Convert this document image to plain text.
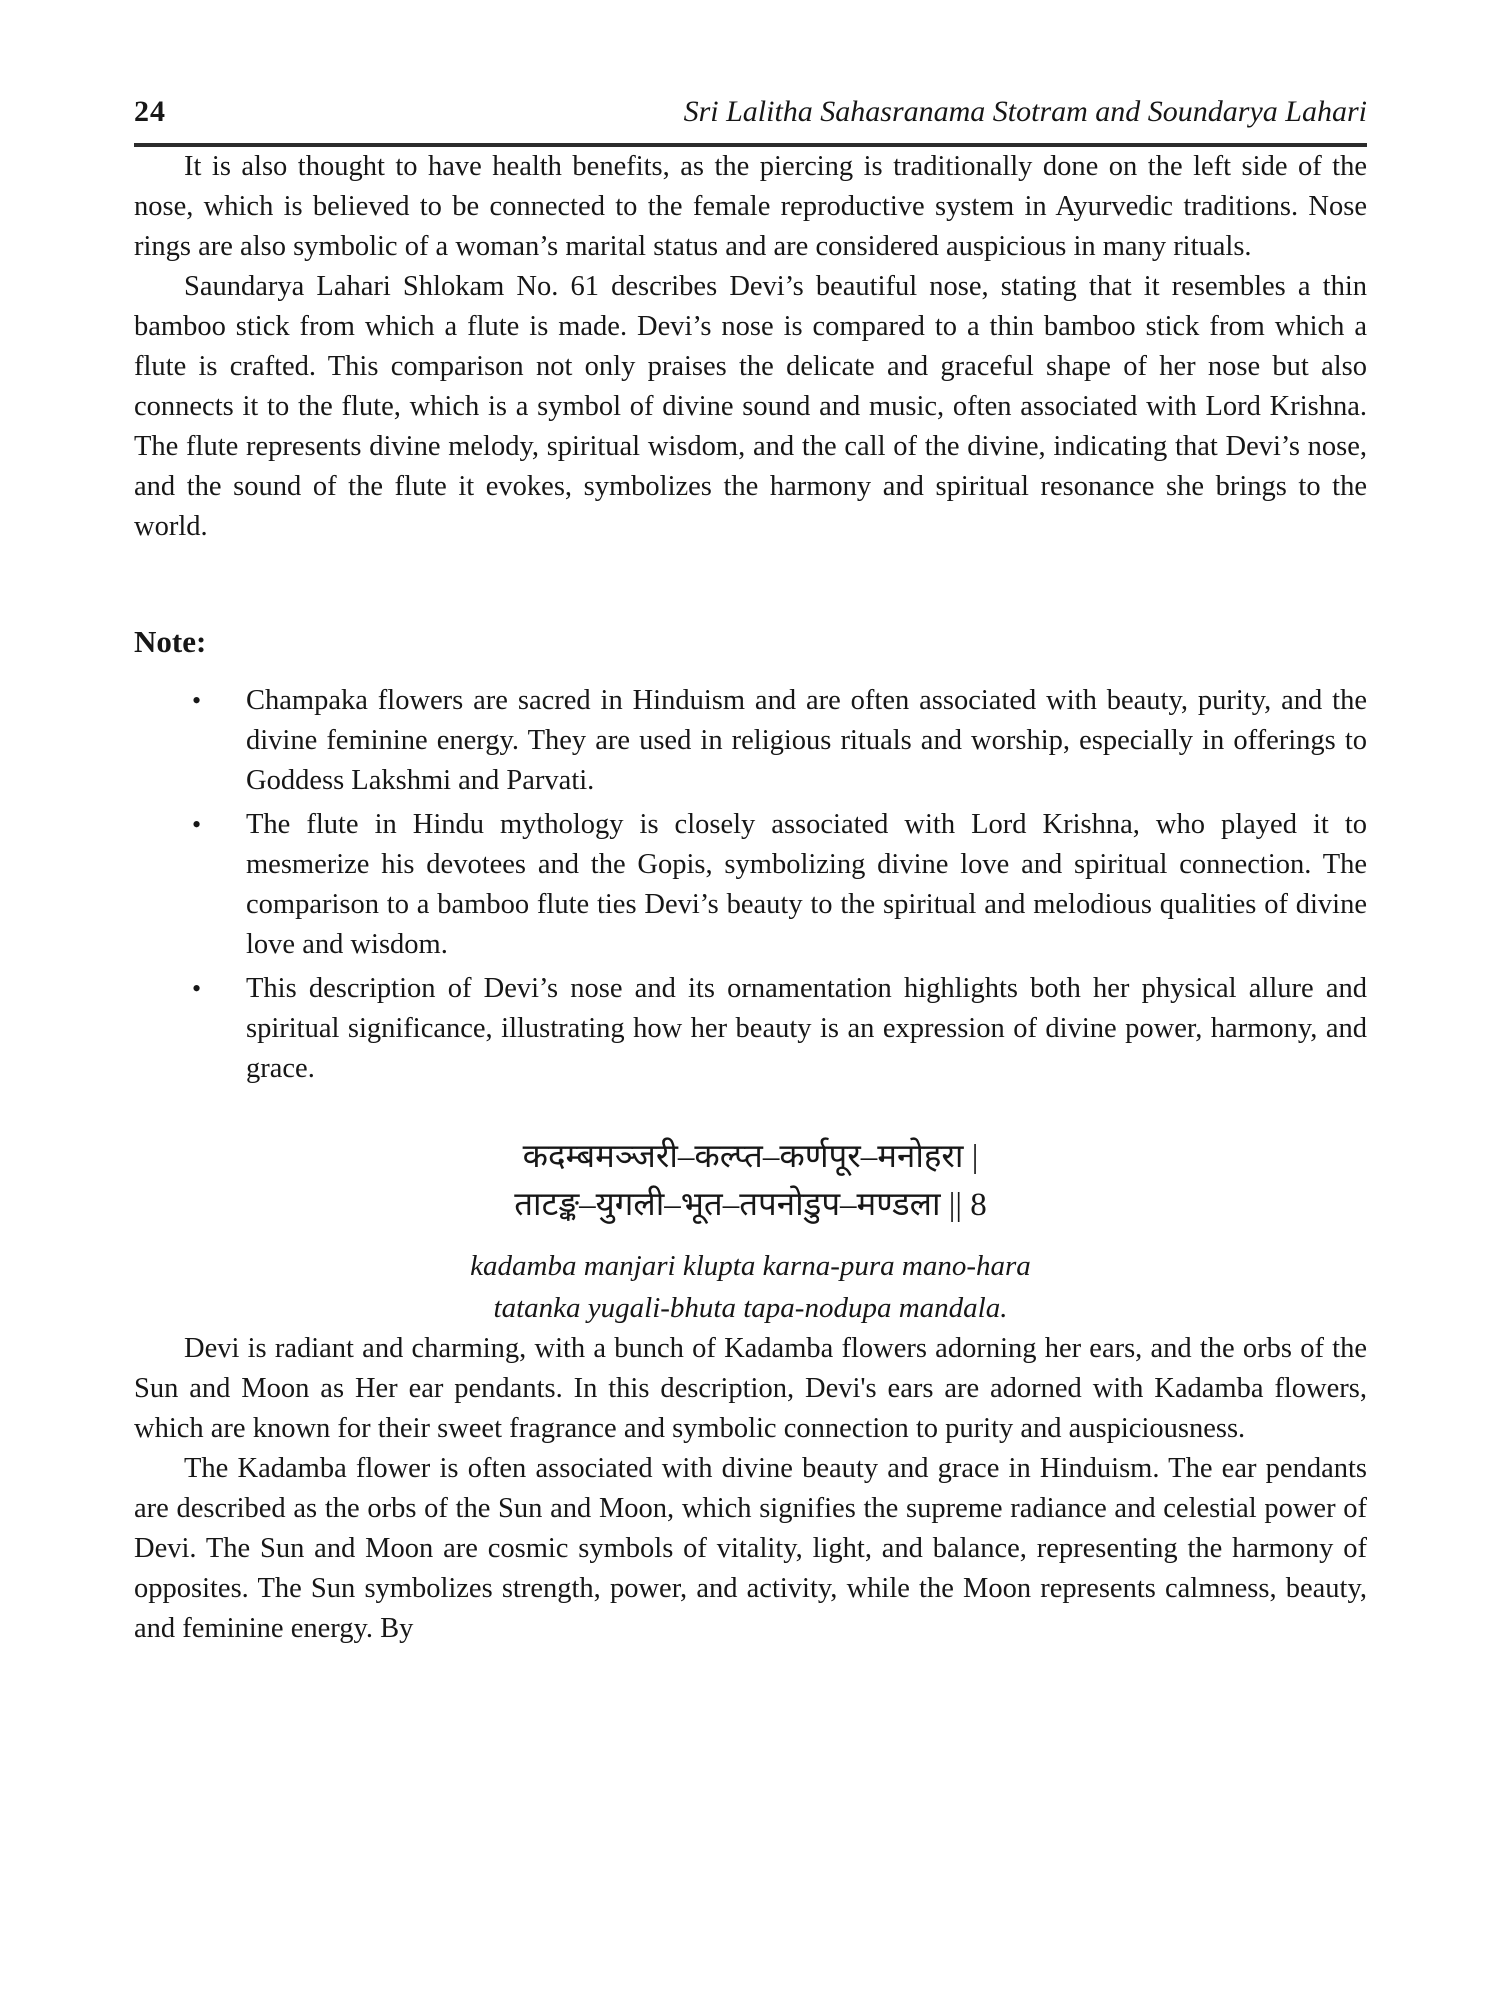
24	Sri Lalitha Sahasranama Stotram and Soundarya Lahari

It is also thought to have health benefits, as the piercing is traditionally done on the left side of the nose, which is believed to be connected to the female reproductive system in Ayurvedic traditions. Nose rings are also symbolic of a woman’s marital status and are considered auspicious in many rituals.

Saundarya Lahari Shlokam No. 61 describes Devi’s beautiful nose, stating that it resembles a thin bamboo stick from which a flute is made. Devi’s nose is compared to a thin bamboo stick from which a flute is crafted. This comparison not only praises the delicate and graceful shape of her nose but also connects it to the flute, which is a symbol of divine sound and music, often associated with Lord Krishna. The flute represents divine melody, spiritual wisdom, and the call of the divine, indicating that Devi’s nose, and the sound of the flute it evokes, symbolizes the harmony and spiritual resonance she brings to the world.

Note:
• Champaka flowers are sacred in Hinduism and are often associated with beauty, purity, and the divine feminine energy. They are used in religious rituals and worship, especially in offerings to Goddess Lakshmi and Parvati.
• The flute in Hindu mythology is closely associated with Lord Krishna, who played it to mesmerize his devotees and the Gopis, symbolizing divine love and spiritual connection. The comparison to a bamboo flute ties Devi’s beauty to the spiritual and melodious qualities of divine love and wisdom.
• This description of Devi’s nose and its ornamentation highlights both her physical allure and spiritual significance, illustrating how her beauty is an expression of divine power, harmony, and grace.
कदम्बमञ्जरी–कल्प्त–कर्णपूर–मनोहरा |
ताटङ्क–युगली–भूत–तपनोडुप–मण्डला || 8
kadamba manjari klupta karna-pura mano-hara
tatanka yugali-bhuta tapa-nodupa mandala.

Devi is radiant and charming, with a bunch of Kadamba flowers adorning her ears, and the orbs of the Sun and Moon as Her ear pendants. In this description, Devi's ears are adorned with Kadamba flowers, which are known for their sweet fragrance and symbolic connection to purity and auspiciousness.

The Kadamba flower is often associated with divine beauty and grace in Hinduism. The ear pendants are described as the orbs of the Sun and Moon, which signifies the supreme radiance and celestial power of Devi. The Sun and Moon are cosmic symbols of vitality, light, and balance, representing the harmony of opposites. The Sun symbolizes strength, power, and activity, while the Moon represents calmness, beauty, and feminine energy. By
